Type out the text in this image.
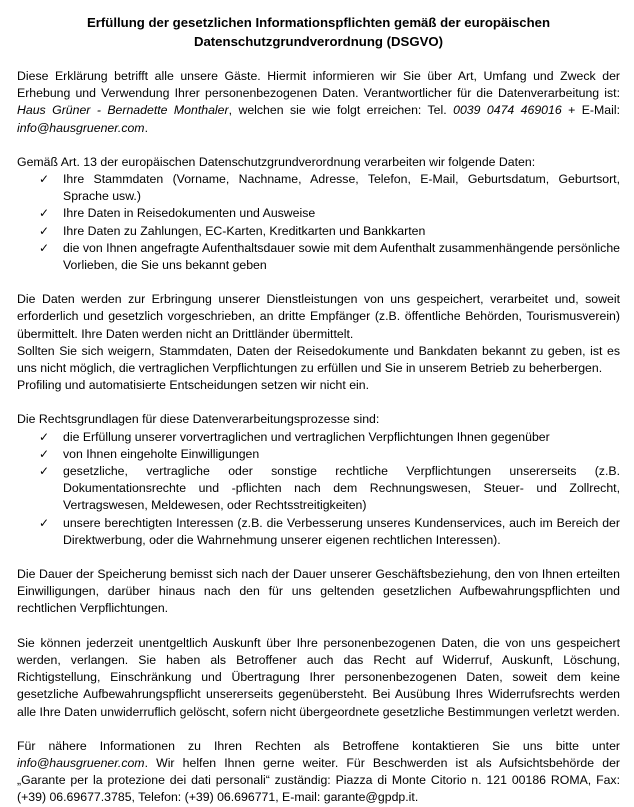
Erfüllung der gesetzlichen Informationspflichten gemäß der europäischen
Datenschutzgrundverordnung (DSGVO)

Diese Erklärung betrifft alle unsere Gäste. Hiermit informieren wir Sie über Art, Umfang und Zweck der Erhebung und Verwendung Ihrer personenbezogenen Daten. Verantwortlicher für die Datenverarbeitung ist: Haus Grüner - Bernadette Monthaler, welchen sie wie folgt erreichen: Tel. 0039 0474 469016 + E-Mail: info@hausgruener.com.

Gemäß Art. 13 der europäischen Datenschutzgrundverordnung verarbeiten wir folgende Daten:

✓ Ihre Stammdaten (Vorname, Nachname, Adresse, Telefon, E-Mail, Geburtsdatum, Geburtsort, Sprache usw.)
✓ Ihre Daten in Reisedokumenten und Ausweise
✓ Ihre Daten zu Zahlungen, EC-Karten, Kreditkarten und Bankkarten
✓ die von Ihnen angefragte Aufenthaltsdauer sowie mit dem Aufenthalt zusammenhängende persönliche Vorlieben, die Sie uns bekannt geben

Die Daten werden zur Erbringung unserer Dienstleistungen von uns gespeichert, verarbeitet und, soweit erforderlich und gesetzlich vorgeschrieben, an dritte Empfänger (z.B. öffentliche Behörden, Tourismusverein) übermittelt. Ihre Daten werden nicht an Drittländer übermittelt.

Sollten Sie sich weigern, Stammdaten, Daten der Reisedokumente und Bankdaten bekannt zu geben, ist es uns nicht möglich, die vertraglichen Verpflichtungen zu erfüllen und Sie in unserem Betrieb zu beherbergen.

Profiling und automatisierte Entscheidungen setzen wir nicht ein.

Die Rechtsgrundlagen für diese Datenverarbeitungsprozesse sind:

✓ die Erfüllung unserer vorvertraglichen und vertraglichen Verpflichtungen Ihnen gegenüber
✓ von Ihnen eingeholte Einwilligungen
✓ gesetzliche, vertragliche oder sonstige rechtliche Verpflichtungen unsererseits (z.B. Dokumentationsrechte und -pflichten nach dem Rechnungswesen, Steuer- und Zollrecht, Vertragswesen, Meldewesen, oder Rechtsstreitigkeiten)
✓ unsere berechtigten Interessen (z.B. die Verbesserung unseres Kundenservices, auch im Bereich der Direktwerbung, oder die Wahrnehmung unserer eigenen rechtlichen Interessen).

Die Dauer der Speicherung bemisst sich nach der Dauer unserer Geschäftsbeziehung, den von Ihnen erteilten Einwilligungen, darüber hinaus nach den für uns geltenden gesetzlichen Aufbewahrungspflichten und rechtlichen Verpflichtungen.

Sie können jederzeit unentgeltlich Auskunft über Ihre personenbezogenen Daten, die von uns gespeichert werden, verlangen. Sie haben als Betroffener auch das Recht auf Widerruf, Auskunft, Löschung, Richtigstellung, Einschränkung und Übertragung Ihrer personenbezogenen Daten, soweit dem keine gesetzliche Aufbewahrungspflicht unsererseits gegenübersteht. Bei Ausübung Ihres Widerrufsrechts werden alle Ihre Daten unwiderruflich gelöscht, sofern nicht übergeordnete gesetzliche Bestimmungen verletzt werden.

Für nähere Informationen zu Ihren Rechten als Betroffene kontaktieren Sie uns bitte unter info@hausgruener.com. Wir helfen Ihnen gerne weiter. Für Beschwerden ist als Aufsichtsbehörde der „Garante per la protezione dei dati personali“ zuständig: Piazza di Monte Citorio n. 121 00186 ROMA, Fax: (+39) 06.69677.3785, Telefon: (+39) 06.696771, E-mail: garante@gpdp.it.
